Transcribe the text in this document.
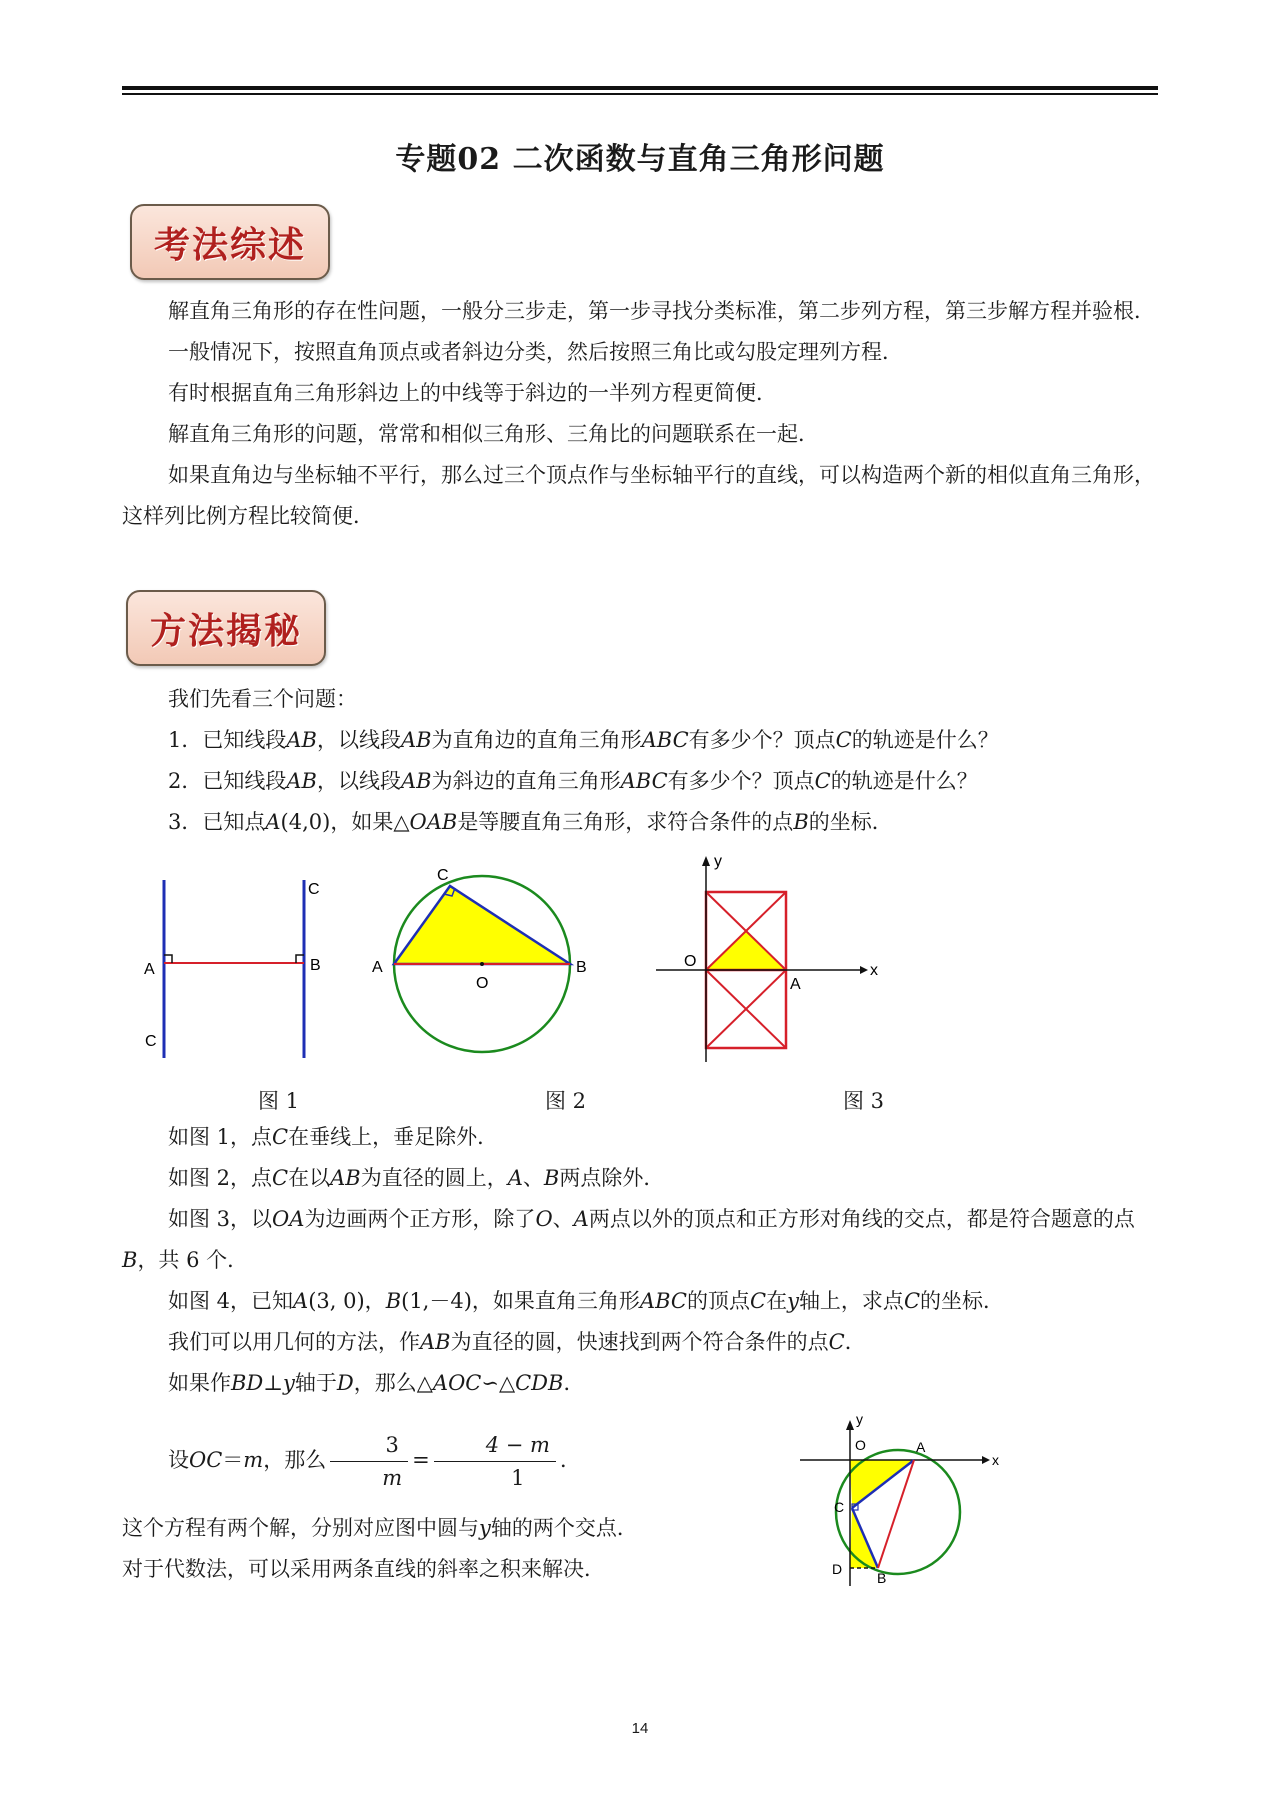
专题02 二次函数与直角三角形问题
考法综述

解直角三角形的存在性问题，一般分三步走，第一步寻找分类标准，第二步列方程，第三步解方程并验根．

一般情况下，按照直角顶点或者斜边分类，然后按照三角比或勾股定理列方程．

有时根据直角三角形斜边上的中线等于斜边的一半列方程更简便．

解直角三角形的问题，常常和相似三角形、三角比的问题联系在一起．

如果直角边与坐标轴不平行，那么过三个顶点作与坐标轴平行的直线，可以构造两个新的相似直角三角形，这样列比例方程比较简便．

方法揭秘

我们先看三个问题：

1．已知线段AB，以线段AB为直角边的直角三角形ABC有多少个？顶点C的轨迹是什么？

2．已知线段AB，以线段AB为斜边的直角三角形ABC有多少个？顶点C的轨迹是什么？

3．已知点A(4,0)，如果△OAB是等腰直角三角形，求符合条件的点B的坐标．

A	B
C
C
A	B
C
O
O
A
x
y
图 1	图 2	图 3

如图 1，点C在垂线上，垂足除外．

如图 2，点C在以AB为直径的圆上，A、B两点除外．

如图 3，以OA为边画两个正方形，除了O、A两点以外的顶点和正方形对角线的交点，都是符合题意的点B，共 6 个．

如图 4，已知A(3, 0)，B(1,－4)，如果直角三角形ABC的顶点C在y轴上，求点C的坐标．

我们可以用几何的方法，作AB为直径的圆，快速找到两个符合条件的点C．

如果作BD⊥y轴于D，那么△AOC∽△CDB．

设OC＝m，那么 $\frac{3}{m} = \frac{4 - m}{1}$ ．

这个方程有两个解，分别对应图中圆与y轴的两个交点．

对于代数法，可以采用两条直线的斜率之积来解决．

O	A
C
D
B
x
y
14
